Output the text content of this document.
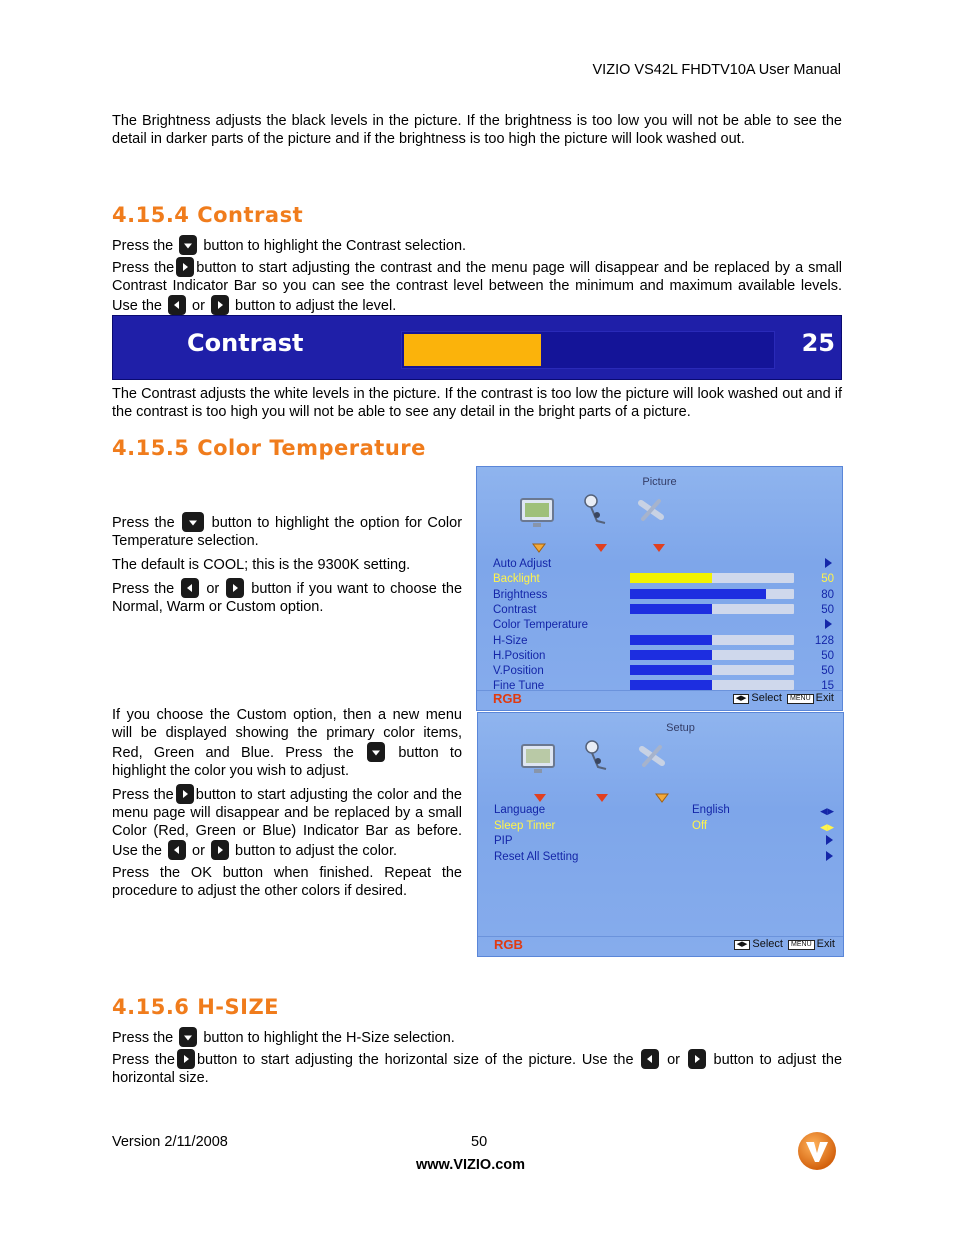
VIZIO VS42L FHDTV10A User Manual

The Brightness adjusts the black levels in the picture. If the brightness is too low you will not be able to see the detail in darker parts of the picture and if the brightness is too high the picture will look washed out.

4.15.4 Contrast

Press the button to highlight the Contrast selection.

Press the button to start adjusting the contrast and the menu page will disappear and be replaced by a small Contrast Indicator Bar so you can see the contrast level between the minimum and maximum available levels. Use the or button to adjust the level.

Contrast	25

The Contrast adjusts the white levels in the picture. If the contrast is too low the picture will look washed out and if the contrast is too high you will not be able to see any detail in the bright parts of a picture.

4.15.5 Color Temperature

Press the	button to highlight the option for Color Temperature selection.

The default is COOL; this is the 9300K setting.

Press the or button if you want to choose the Normal, Warm or Custom option.

If you choose the Custom option, then a new menu will be displayed showing the primary color items, Red, Green and Blue. Press the	button to highlight the color you wish to adjust.

Press the button to start adjusting the color and the menu page will disappear and be replaced by a small Color (Red, Green or Blue) Indicator Bar as before. Use the or button to adjust the color.

Press the OK button when finished. Repeat the procedure to adjust the other colors if desired.

Picture
Auto Adjust
Backlight	50
Brightness	80
Contrast	50
Color Temperature
H-Size	128
H.Position	50
V.Position	50
Fine Tune	15
RGB	◀▶ Select MENU Exit
Setup
Language	English	◀▶
Sleep Timer	Off	◀▶
PIP
Reset All Setting
RGB	◀▶ Select MENU Exit
4.15.6 H-SIZE

Press the button to highlight the H-Size selection.

Press the button to start adjusting the horizontal size of the picture. Use the or button to adjust the horizontal size.

Version 2/11/2008	50
www.VIZIO.com
